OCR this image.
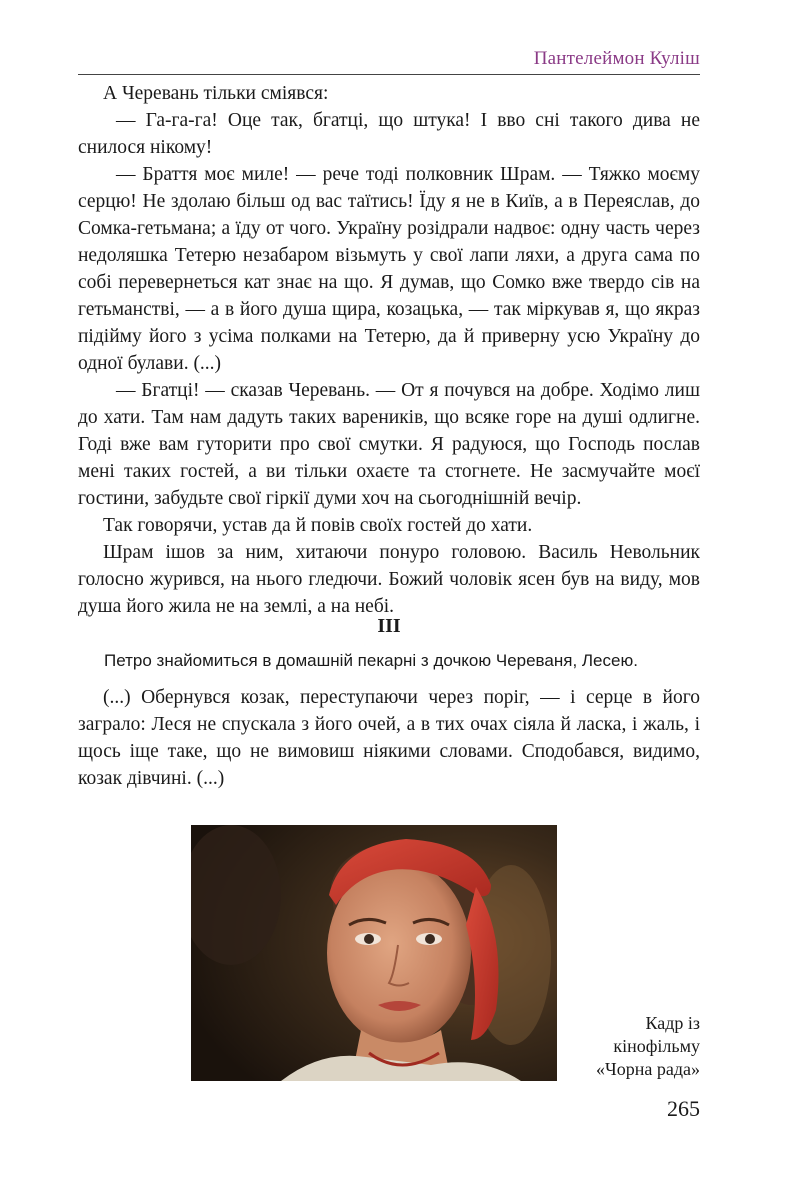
Пантелеймон Куліш

А Черевань тільки сміявся:

— Га-га-га! Оце так, бгатці, що штука! І вво сні такого дива не снилося нікому!

— Браття моє миле! — рече тоді полковник Шрам. — Тяжко моєму серцю! Не здолаю більш од вас таїтись! Їду я не в Київ, а в Переяслав, до Сомка-гетьмана; а їду от чого. Україну розідрали надвоє: одну часть через недоляшка Тетерю незабаром візьмуть у свої лапи ляхи, а друга сама по собі перевернеться кат знає на що. Я думав, що Сомко вже твердо сів на гетьманстві, — а в його душа щира, козацька, — так міркував я, що якраз підійму його з усіма полками на Тетерю, да й приверну усю Україну до одної булави. (...)

— Бгатці! — сказав Черевань. — От я почувся на добре. Ходімо лиш до хати. Там нам дадуть таких вареників, що всяке горе на душі одлигне. Годі вже вам гуторити про свої смутки. Я радуюся, що Господь послав мені таких гостей, а ви тільки охаєте та стогнете. Не засмучайте моєї гостини, забудьте свої гіркії думи хоч на сьогоднішній вечір.

Так говорячи, устав да й повів своїх гостей до хати.

Шрам ішов за ним, хитаючи понуро головою. Василь Невольник голосно журився, на нього гледючи. Божий чоловік ясен був на виду, мов душа його жила не на землі, а на небі.

III
Петро знайомиться в домашній пекарні з дочкою Череваня, Лесею.

(...) Обернувся козак, переступаючи через поріг, — і серце в його заграло: Леся не спускала з його очей, а в тих очах сіяла й ласка, і жаль, і щось іще таке, що не вимовиш ніякими словами. Сподобався, видимо, козак дівчині. (...)

Кадр із
кінофільму
«Чорна рада»
265
